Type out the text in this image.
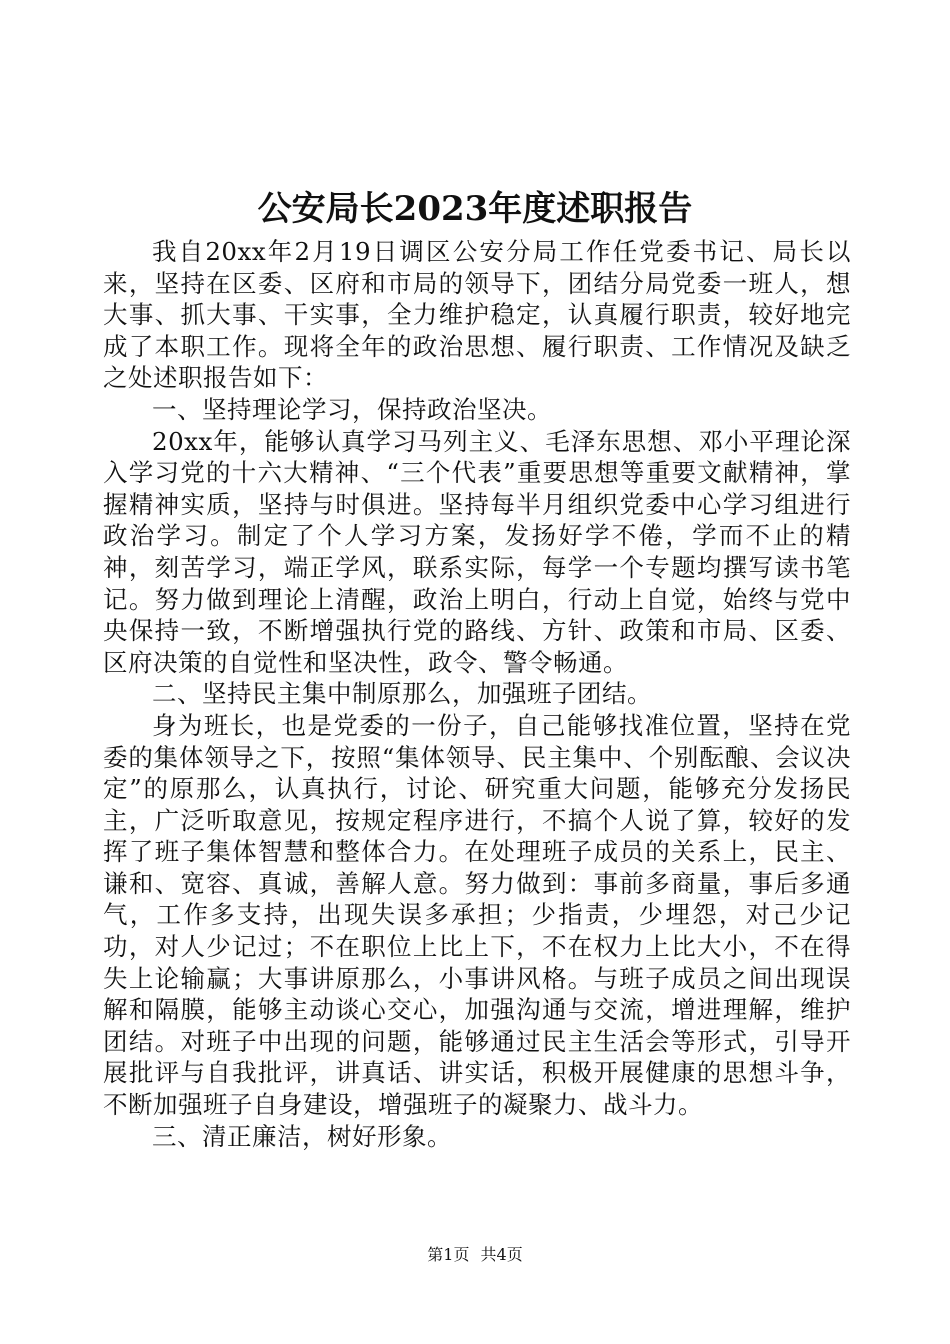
公安局长2023年度述职报告

我自20xx年2月19日调区公安分局工作任党委书记、局长以来，坚持在区委、区府和市局的领导下，团结分局党委一班人，想大事、抓大事、干实事，全力维护稳定，认真履行职责，较好地完成了本职工作。现将全年的政治思想、履行职责、工作情况及缺乏之处述职报告如下：

一、坚持理论学习，保持政治坚决。

20xx年，能够认真学习马列主义、毛泽东思想、邓小平理论深入学习党的十六大精神、“三个代表”重要思想等重要文献精神，掌握精神实质，坚持与时俱进。坚持每半月组织党委中心学习组进行政治学习。制定了个人学习方案，发扬好学不倦，学而不止的精神，刻苦学习，端正学风，联系实际，每学一个专题均撰写读书笔记。努力做到理论上清醒，政治上明白，行动上自觉，始终与党中央保持一致，不断增强执行党的路线、方针、政策和市局、区委、区府决策的自觉性和坚决性，政令、警令畅通。

二、坚持民主集中制原那么，加强班子团结。

身为班长，也是党委的一份子，自己能够找准位置，坚持在党委的集体领导之下，按照“集体领导、民主集中、个别酝酿、会议决定”的原那么，认真执行，讨论、研究重大问题，能够充分发扬民主，广泛听取意见，按规定程序进行，不搞个人说了算，较好的发挥了班子集体智慧和整体合力。在处理班子成员的关系上，民主、谦和、宽容、真诚，善解人意。努力做到：事前多商量，事后多通气，工作多支持，出现失误多承担；少指责，少埋怨，对己少记功，对人少记过；不在职位上比上下，不在权力上比大小，不在得失上论输赢；大事讲原那么，小事讲风格。与班子成员之间出现误解和隔膜，能够主动谈心交心，加强沟通与交流，增进理解，维护团结。对班子中出现的问题，能够通过民主生活会等形式，引导开展批评与自我批评，讲真话、讲实话，积极开展健康的思想斗争，不断加强班子自身建设，增强班子的凝聚力、战斗力。

三、清正廉洁，树好形象。

第1页 共4页
